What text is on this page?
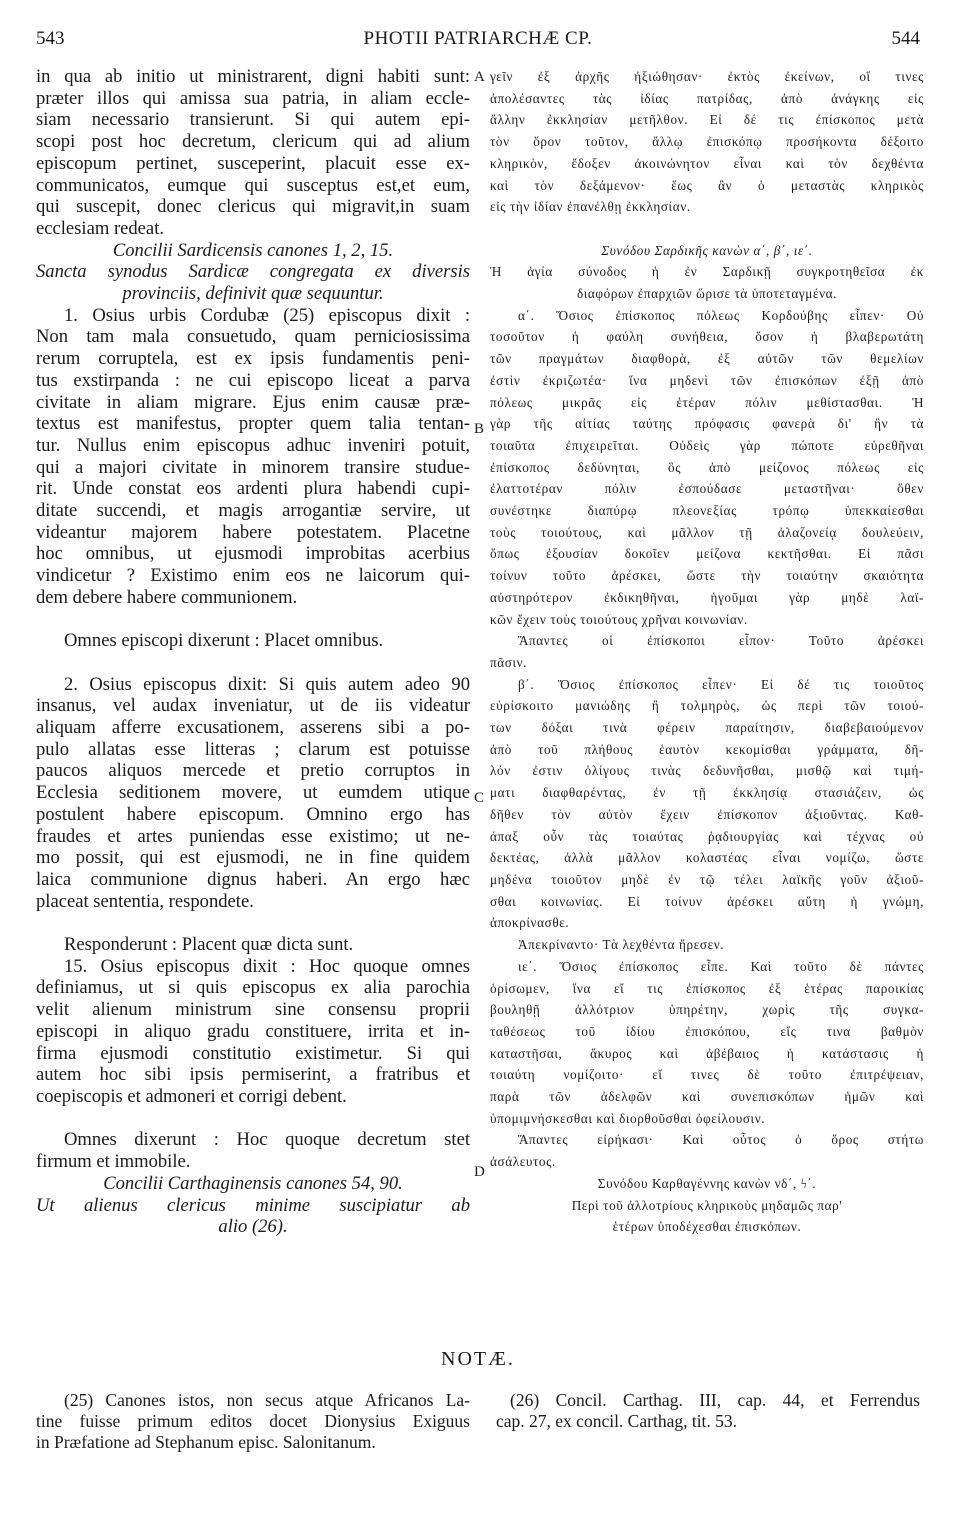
543	PHOTII PATRIARCHÆ CP.	544
A
B
C
D

in qua ab initio ut ministrarent, digni habiti sunt:

præter illos qui amissa sua patria, in aliam eccle-

siam necessario transierunt. Si qui autem epi-

scopi post hoc decretum, clericum qui ad alium

episcopum pertinet, susceperint, placuit esse ex-

communicatos, eumque qui susceptus est,et eum,

qui suscepit, donec clericus qui migravit,in suam

ecclesiam redeat.

Concilii Sardicensis canones 1, 2, 15.

Sancta synodus Sardicæ congregata ex diversis

provinciis, definivit quæ sequuntur.

1. Osius urbis Cordubæ (25) episcopus dixit :

Non tam mala consuetudo, quam perniciosissima

rerum corruptela, est ex ipsis fundamentis peni-

tus exstirpanda : ne cui episcopo liceat a parva

civitate in aliam migrare. Ejus enim causæ præ-

textus est manifestus, propter quem talia tentan-

tur. Nullus enim episcopus adhuc inveniri potuit,

qui a majori civitate in minorem transire studue-

rit. Unde constat eos ardenti plura habendi cupi-

ditate succendi, et magis arrogantiæ servire, ut

videantur majorem habere potestatem. Placetne

hoc omnibus, ut ejusmodi improbitas acerbius

vindicetur ? Existimo enim eos ne laicorum qui-

dem debere habere communionem.

Omnes episcopi dixerunt : Placet omnibus.

2. Osius episcopus dixit: Si quis autem adeo 90

insanus, vel audax inveniatur, ut de iis videatur

aliquam afferre excusationem, asserens sibi a po-

pulo allatas esse litteras ; clarum est potuisse

paucos aliquos mercede et pretio corruptos in

Ecclesia seditionem movere, ut eumdem utique

postulent habere episcopum. Omnino ergo has

fraudes et artes puniendas esse existimo; ut ne-

mo possit, qui est ejusmodi, ne in fine quidem

laica communione dignus haberi. An ergo hæc

placeat sententia, respondete.

Responderunt : Placent quæ dicta sunt.

15. Osius episcopus dixit : Hoc quoque omnes

definiamus, ut si quis episcopus ex alia parochia

velit alienum ministrum sine consensu proprii

episcopi in aliquo gradu constituere, irrita et in-

firma ejusmodi constitutio existimetur. Si qui

autem hoc sibi ipsis permiserint, a fratribus et

coepiscopis et admoneri et corrigi debent.

Omnes dixerunt : Hoc quoque decretum stet

firmum et immobile.

Concilii Carthaginensis canones 54, 90.

Ut alienus clericus minime suscipiatur ab

alio (26).

γεῖν ἐξ ἀρχῆς ἠξιώθησαν· ἐκτὸς ἐκείνων, οἵ τινες

ἀπολέσαντες τὰς ἰδίας πατρίδας, ἀπὸ ἀνάγκης εἰς

ἄλλην ἐκκλησίαν μετῆλθον. Εἰ δέ τις ἐπίσκοπος μετὰ

τὸν ὅρον τοῦτον, ἄλλῳ ἐπισκόπῳ προσήκοντα δέξοιτο

κληρικὸν, ἔδοξεν ἀκοινώνητον εἶναι καὶ τὸν δεχθέντα

καὶ τὸν δεξάμενον· ἕως ἂν ὁ μεταστὰς κληρικὸς

εἰς τὴν ἰδίαν ἐπανέλθῃ ἐκκλησίαν.

Συνόδου Σαρδικῆς κανὼν α΄, β΄, ιε΄.

Ἡ ἁγία σύνοδος ἡ ἐν Σαρδικῇ συγκροτηθεῖσα ἐκ

διαφόρων ἐπαρχιῶν ὥρισε τὰ ὑποτεταγμένα.

α΄. Ὅσιος ἐπίσκοπος πόλεως Κορδούβης εἶπεν· Οὐ

τοσοῦτον ἡ φαύλη συνήθεια, ὅσον ἡ βλαβερωτάτη

τῶν πραγμάτων διαφθορὰ, ἐξ αὐτῶν τῶν θεμελίων

ἐστὶν ἐκριζωτέα· ἵνα μηδενὶ τῶν ἐπισκόπων ἐξῇ ἀπὸ

πόλεως μικρᾶς εἰς ἑτέραν πόλιν μεθίστασθαι. Ἡ

γὰρ τῆς αἰτίας ταύτης πρόφασις φανερὰ δι' ἣν τὰ

τοιαῦτα ἐπιχειρεῖται. Οὐδεὶς γὰρ πώποτε εὑρεθῆναι

ἐπίσκοπος δεδύνηται, ὃς ἀπὸ μείζονος πόλεως εἰς

ἐλαττοτέραν πόλιν ἐσπούδασε μεταστῆναι· ὅθεν

συνέστηκε διαπύρῳ πλεονεξίας τρόπῳ ὑπεκκαίεσθαι

τοὺς τοιούτους, καὶ μᾶλλον τῇ ἀλαζονείᾳ δουλεύειν,

ὅπως ἐξουσίαν δοκοῖεν μείζονα κεκτῆσθαι. Εἰ πᾶσι

τοίνυν τοῦτο ἀρέσκει, ὥστε τὴν τοιαύτην σκαιότητα

αὐστηρότερον ἐκδικηθῆναι, ἡγοῦμαι γὰρ μηδὲ λαϊ-

κῶν ἔχειν τοὺς τοιούτους χρῆναι κοινωνίαν.

Ἅπαντες οἱ ἐπίσκοποι εἶπον· Τοῦτο ἀρέσκει

πᾶσιν.

β΄. Ὅσιος ἐπίσκοπος εἶπεν· Εἰ δέ τις τοιοῦτος

εὑρίσκοιτο μανιώδης ἢ τολμηρὸς, ὡς περὶ τῶν τοιού-

των δόξαι τινὰ φέρειν παραίτησιν, διαβεβαιούμενον

ἀπὸ τοῦ πλήθους ἑαυτὸν κεκομίσθαι γράμματα, δῆ-

λόν ἐστιν ὀλίγους τινὰς δεδυνῆσθαι, μισθῷ καὶ τιμή-

ματι διαφθαρέντας, ἐν τῇ ἐκκλησίᾳ στασιάζειν, ὡς

δῆθεν τὸν αὐτὸν ἔχειν ἐπίσκοπον ἀξιοῦντας. Καθ-

άπαξ οὖν τὰς τοιαύτας ῥᾳδιουργίας καὶ τέχνας οὐ

δεκτέας, ἀλλὰ μᾶλλον κολαστέας εἶναι νομίζω, ὥστε

μηδένα τοιοῦτον μηδὲ ἐν τῷ τέλει λαϊκῆς γοῦν ἀξιοῦ-

σθαι κοινωνίας. Εἰ τοίνυν ἀρέσκει αὕτη ἡ γνώμη,

ἀποκρίνασθε.

Ἀπεκρίναντο· Τὰ λεχθέντα ἤρεσεν.

ιε΄. Ὅσιος ἐπίσκοπος εἶπε. Καὶ τοῦτο δὲ πάντες

ὁρίσωμεν, ἵνα εἴ τις ἐπίσκοπος ἐξ ἑτέρας παροικίας

βουληθῇ ἀλλότριον ὑπηρέτην, χωρὶς τῆς συγκα-

ταθέσεως τοῦ ἰδίου ἐπισκόπου, εἴς τινα βαθμὸν

καταστῆσαι, ἄκυρος καὶ ἀβέβαιος ἡ κατάστασις ἡ

τοιαύτη νομίζοιτο· εἴ τινες δὲ τοῦτο ἐπιτρέψειαν,

παρὰ τῶν ἀδελφῶν καὶ συνεπισκόπων ἡμῶν καὶ

ὑπομιμνήσκεσθαι καὶ διορθοῦσθαι ὀφείλουσιν.

Ἅπαντες εἰρήκασι· Καὶ οὗτος ὁ ὅρος στήτω

ἀσάλευτος.

Συνόδου Καρθαγέννης κανὼν νδ΄, ϟ΄.

Περὶ τοῦ ἀλλοτρίους κληρικοὺς μηδαμῶς παρ'

ἑτέρων ὑποδέχεσθαι ἐπισκόπων.

NOTÆ.

(25) Canones istos, non secus atque Africanos La-

tine fuisse primum editos docet Dionysius Exiguus

in Præfatione ad Stephanum episc. Salonitanum.

(26) Concil. Carthag. III, cap. 44, et Ferrendus

cap. 27, ex concil. Carthag, tit. 53.
